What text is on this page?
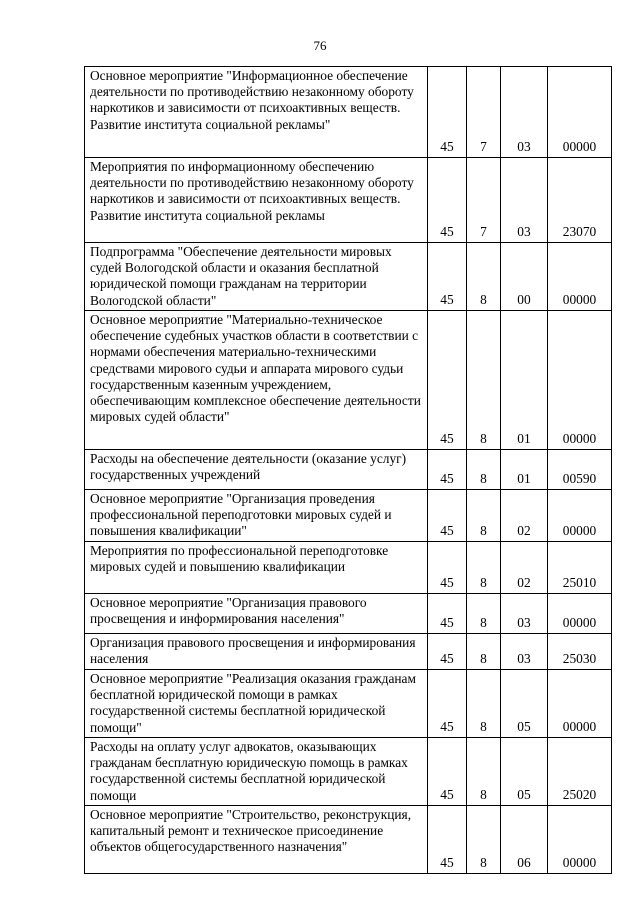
76
Основное мероприятие "Информационное обеспечение деятельности по противодействию незаконному обороту наркотиков и зависимости от психоактивных веществ. Развитие института социальной рекламы"	45	7	03	00000
Мероприятия по информационному обеспечению деятельности по противодействию незаконному обороту наркотиков и зависимости от психоактивных веществ. Развитие института социальной рекламы	45	7	03	23070
Подпрограмма "Обеспечение деятельности мировых судей Вологодской области и оказания бесплатной юридической помощи гражданам на территории Вологодской области"	45	8	00	00000
Основное мероприятие "Материально-техническое обеспечение судебных участков области в соответствии с нормами обеспечения материально-техническими средствами мирового судьи и аппарата мирового судьи государственным казенным учреждением, обеспечивающим комплексное обеспечение деятельности мировых судей области"	45	8	01	00000
Расходы на обеспечение деятельности (оказание услуг) государственных учреждений	45	8	01	00590
Основное мероприятие "Организация проведения профессиональной переподготовки мировых судей и повышения квалификации"	45	8	02	00000
Мероприятия по профессиональной переподготовке мировых судей и повышению квалификации	45	8	02	25010
Основное мероприятие "Организация правового просвещения и информирования населения"	45	8	03	00000
Организация правового просвещения и информирования населения	45	8	03	25030
Основное мероприятие "Реализация оказания гражданам бесплатной юридической помощи в рамках государственной системы бесплатной юридической помощи"	45	8	05	00000
Расходы на оплату услуг адвокатов, оказывающих гражданам бесплатную юридическую помощь в рамках государственной системы бесплатной юридической помощи	45	8	05	25020
Основное мероприятие "Строительство, реконструкция, капитальный ремонт и техническое присоединение объектов общегосударственного назначения"	45	8	06	00000
